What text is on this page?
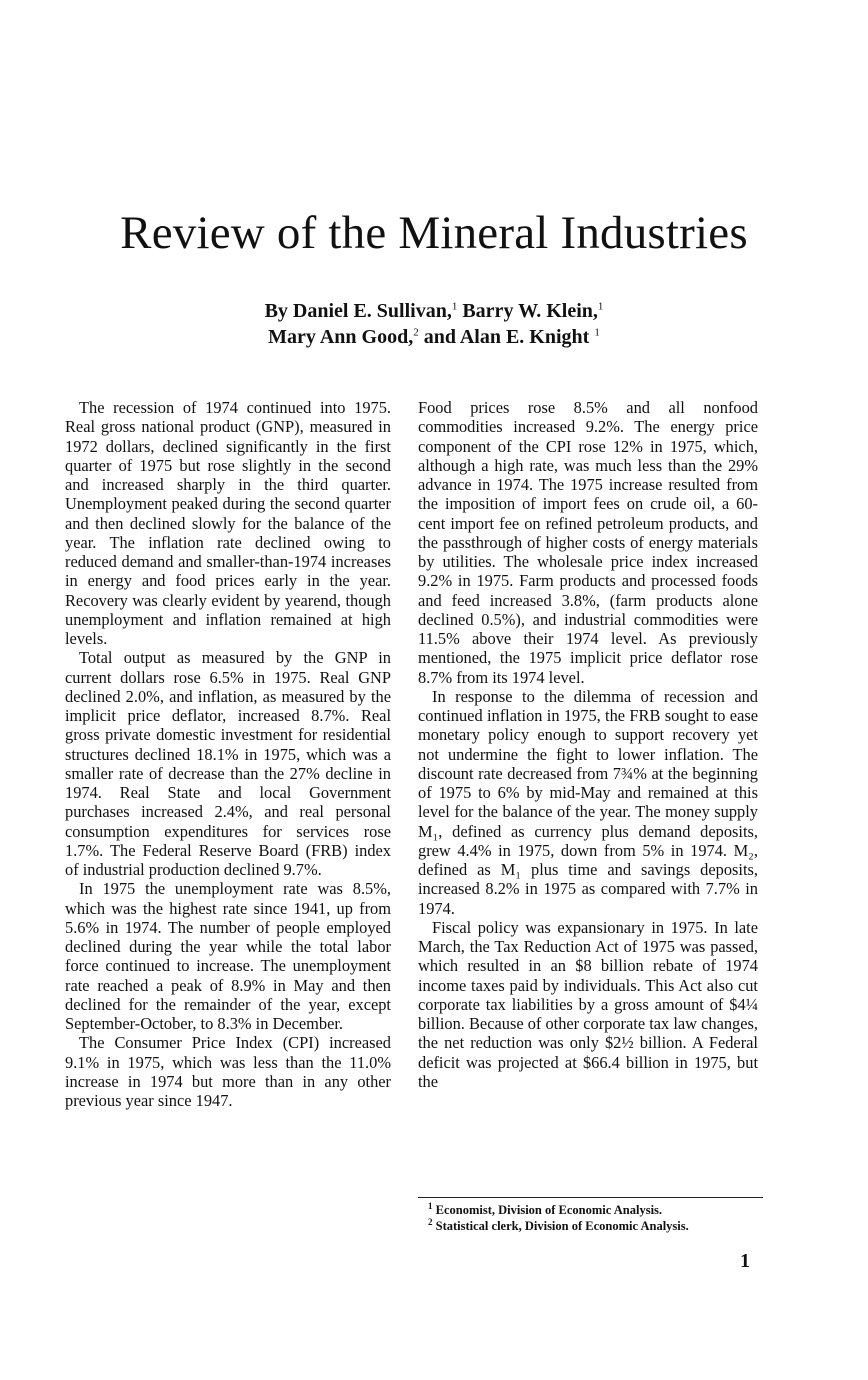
Review of the Mineral Industries
By Daniel E. Sullivan,$^1$ Barry W. Klein,$^1$
Mary Ann Good,$^2$ and Alan E. Knight $^1$

The recession of 1974 continued into 1975. Real gross national product (GNP), measured in 1972 dollars, declined significantly in the first quarter of 1975 but rose slightly in the second and increased sharply in the third quarter. Unemployment peaked during the second quarter and then declined slowly for the balance of the year. The inflation rate declined owing to reduced demand and smaller-than-1974 increases in energy and food prices early in the year. Recovery was clearly evident by yearend, though unemployment and inflation remained at high levels.

Total output as measured by the GNP in current dollars rose 6.5% in 1975. Real GNP declined 2.0%, and inflation, as measured by the implicit price deflator, increased 8.7%. Real gross private domestic investment for residential structures declined 18.1% in 1975, which was a smaller rate of decrease than the 27% decline in 1974. Real State and local Government purchases increased 2.4%, and real personal consumption expenditures for services rose 1.7%. The Federal Reserve Board (FRB) index of industrial production declined 9.7%.

In 1975 the unemployment rate was 8.5%, which was the highest rate since 1941, up from 5.6% in 1974. The number of people employed declined during the year while the total labor force continued to increase. The unemployment rate reached a peak of 8.9% in May and then declined for the remainder of the year, except September-October, to 8.3% in December.

The Consumer Price Index (CPI) increased 9.1% in 1975, which was less than the 11.0% increase in 1974 but more than in any other previous year since 1947.

Food prices rose 8.5% and all nonfood commodities increased 9.2%. The energy price component of the CPI rose 12% in 1975, which, although a high rate, was much less than the 29% advance in 1974. The 1975 increase resulted from the imposition of import fees on crude oil, a 60-cent import fee on refined petroleum products, and the passthrough of higher costs of energy materials by utilities. The wholesale price index increased 9.2% in 1975. Farm products and processed foods and feed increased 3.8%, (farm products alone declined 0.5%), and industrial commodities were 11.5% above their 1974 level. As previously mentioned, the 1975 implicit price deflator rose 8.7% from its 1974 level.

In response to the dilemma of recession and continued inflation in 1975, the FRB sought to ease monetary policy enough to support recovery yet not undermine the fight to lower inflation. The discount rate decreased from 7¾% at the beginning of 1975 to 6% by mid-May and remained at this level for the balance of the year. The money supply M₁, defined as currency plus demand deposits, grew 4.4% in 1975, down from 5% in 1974. M₂, defined as M₁ plus time and savings deposits, increased 8.2% in 1975 as compared with 7.7% in 1974.

Fiscal policy was expansionary in 1975. In late March, the Tax Reduction Act of 1975 was passed, which resulted in an $8 billion rebate of 1974 income taxes paid by individuals. This Act also cut corporate tax liabilities by a gross amount of $4¼ billion. Because of other corporate tax law changes, the net reduction was only $2½ billion. A Federal deficit was projected at $66.4 billion in 1975, but the

$^1$ Economist, Division of Economic Analysis.
$^2$ Statistical clerk, Division of Economic Analysis.
1
